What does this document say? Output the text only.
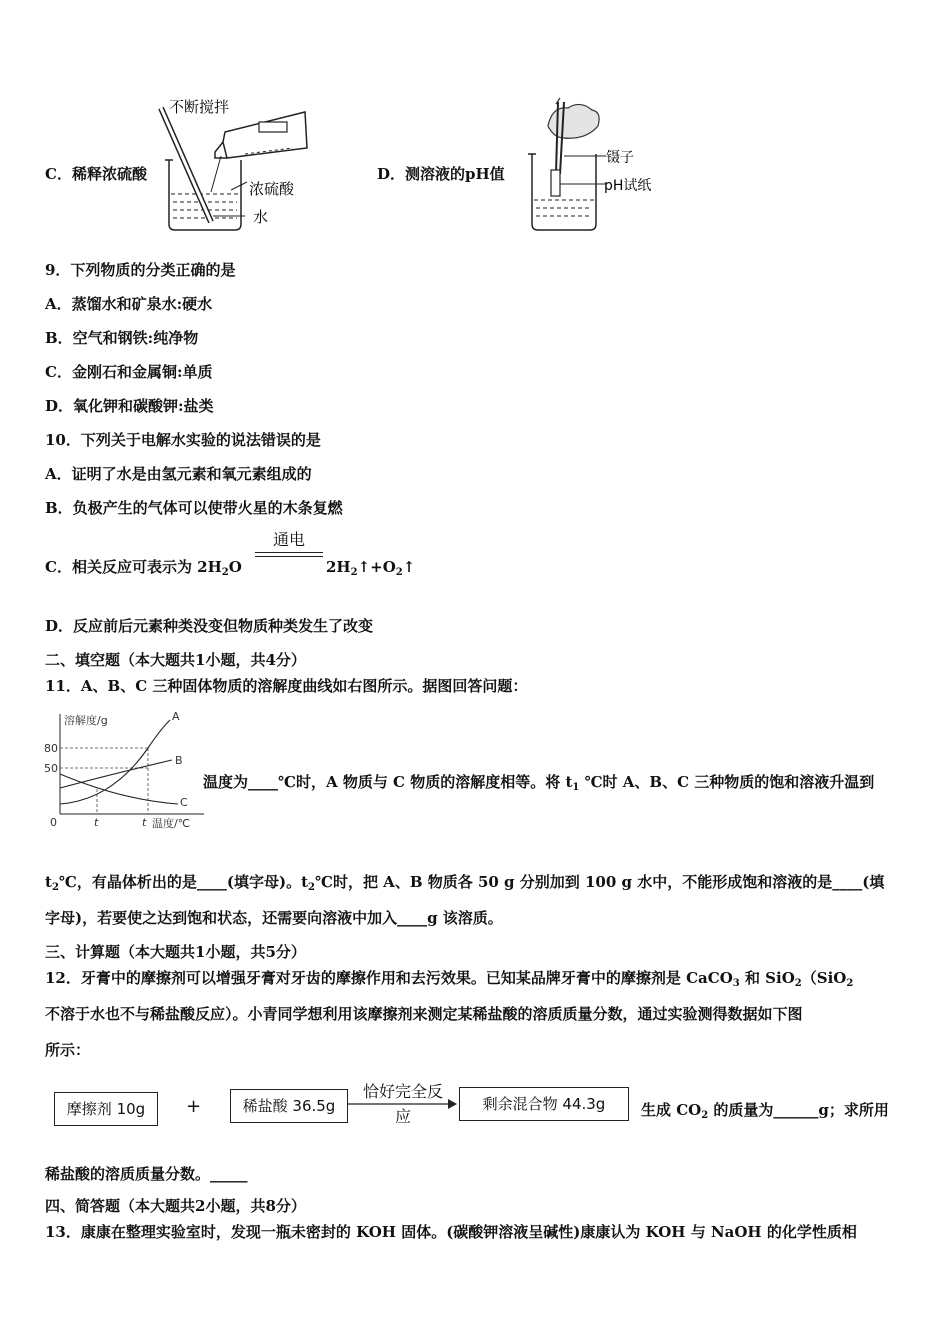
C．稀释浓硫酸
不断搅拌
浓硫酸
水
D．测溶液的pH值
镊子
pH试纸
9．下列物质的分类正确的是
A．蒸馏水和矿泉水:硬水
B．空气和钢铁:纯净物
C．金刚石和金属铜:单质
D．氧化钾和碳酸钾:盐类
10．下列关于电解水实验的说法错误的是
A．证明了水是由氢元素和氧元素组成的
B．负极产生的气体可以使带火星的木条复燃
C．相关反应可表示为 $2H_2O$
通电
$2H_2↑+O_2↑$
D．反应前后元素种类没变但物质种类发生了改变
二、填空题（本大题共1小题，共4分）
11．A、B、C 三种固体物质的溶解度曲线如右图所示。据图回答问题：
溶解度/g
80
50
0	t	t 温度/℃
A
B
C
温度为____℃时，A 物质与 C 物质的溶解度相等。将 $t_1$ ℃时 A、B、C 三种物质的饱和溶液升温到
$t_2℃$，有晶体析出的是____(填字母)。$t_2℃$时，把 A、B 物质各 50 g 分别加到 100 g 水中，不能形成饱和溶液的是____(填
字母)，若要使之达到饱和状态，还需要向溶液中加入____g 该溶质。
三、计算题（本大题共1小题，共5分）
12．牙膏中的摩擦剂可以增强牙膏对牙齿的摩擦作用和去污效果。已知某品牌牙膏中的摩擦剂是 CaCO$_3$ 和 SiO$_2$（SiO$_2$
不溶于水也不与稀盐酸反应）。小青同学想利用该摩擦剂来测定某稀盐酸的溶质质量分数，通过实验测得数据如下图
所示：
摩擦剂 10g	+	稀盐酸 36.5g
恰好完全反
应
剩余混合物 44.3g	生成 $CO_2$ 的质量为______g；求所用
稀盐酸的溶质质量分数。_____
四、简答题（本大题共2小题，共8分）
13．康康在整理实验室时，发现一瓶未密封的 KOH 固体。(碳酸钾溶液呈碱性)康康认为 KOH 与 NaOH 的化学性质相
